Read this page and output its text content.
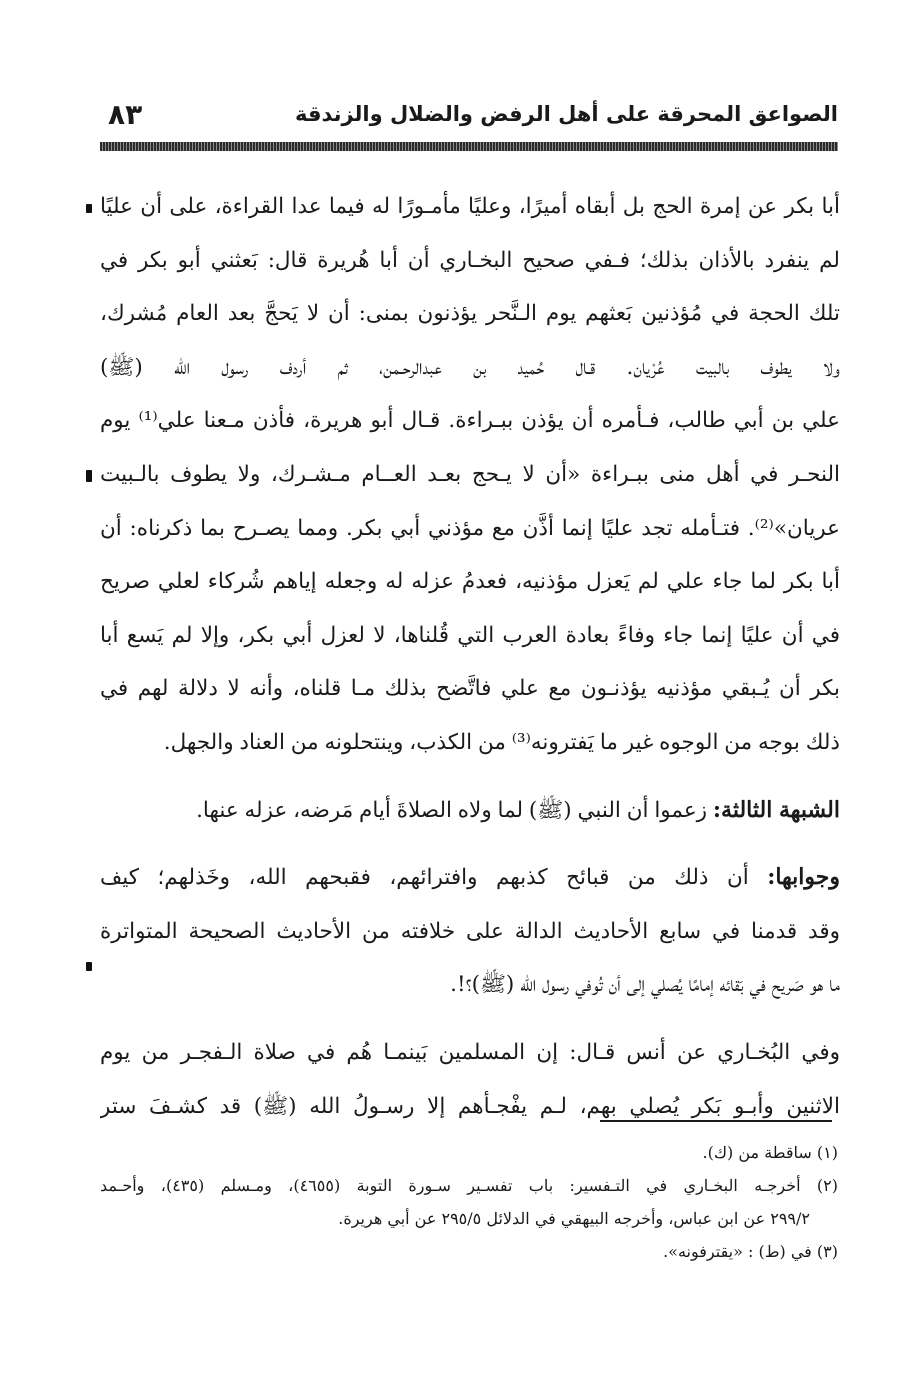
الصواعق المحرقة على أهل الرفض والضلال والزندقة
٨٣
أبا بكر عن إمرة الحج بل أبقاه أميرًا، وعليًا مأمـورًا له فيما عدا القراءة، على أن عليًا
لم ينفرد بالأذان بذلك؛ فـفي صحيح البخـاري أن أبا هُريرة قال: بَعثني أبو بكر في
تلك الحجة في مُؤذنين بَعثهم يوم الـنَّحر يؤذنون بمنى: أن لا يَحجَّ بعد العام مُشرك،
ولا يطوف بالبيت عُرْيان. قـال حُميد بن عبدالرحـمن، ثم أردف رسول الله (ﷺ)
علي بن أبي طالب، فـأمره أن يؤذن ببـراءة. قـال أبو هريرة، فأذن مـعنا علي⁽¹⁾ يوم
النحـر في أهل منى ببـراءة «أن لا يـحج بعـد العــام مـشـرك، ولا يطوف بالـبيت
عريان»⁽²⁾. فتـأمله تجد عليًا إنما أذَّن مع مؤذني أبي بكر. ومما يصـرح بما ذكرناه: أن
أبا بكر لما جاء علي لم يَعزل مؤذنيه، فعدمُ عزله له وجعله إياهم شُركاء لعلي صريح
في أن عليًا إنما جاء وفاءً بعادة العرب التي قُلناها، لا لعزل أبي بكر، وإلا لم يَسع أبا
بكر أن يُـبقي مؤذنيه يؤذنـون مع علي فاتَّضح بذلك مـا قلناه، وأنه لا دلالة لهم في
ذلك بوجه من الوجوه غير ما يَفترونه⁽³⁾ من الكذب، وينتحلونه من العناد والجهل.
الشبهة الثالثة: زعموا أن النبي (ﷺ) لما ولاه الصلاةَ أيام مَرضه، عزله عنها.
وجوابها: أن ذلك من قبائح كذبهم وافترائهم، فقبحهم الله، وخَذلهم؛ كيف
وقد قدمنا في سابع الأحاديث الدالة على خلافته من الأحاديث الصحيحة المتواترة
ما هو صَريح في بَقائه إمامًا يُصلي إلى أن تُوفي رسول الله (ﷺ)؟!.
وفي البُخـاري عن أنس قـال: إن المسلمين بَينمـا هُم في صلاة الـفجـر من يوم
الاثنين وأبـو بَكر يُصلي بهم، لـم يفْجـأهم إلا رسـولُ الله (ﷺ) قد كشـفَ ستر
(١) ساقطة من (ك).
(٢) أخرجـه البخـاري في التـفسير: باب تفسـير سـورة التوبة (٤٦٥٥)، ومـسلم (٤٣٥)، وأحـمد
٢٩٩/٢ عن ابن عباس، وأخرجه البيهقي في الدلائل ٢٩٥/٥ عن أبي هريرة.
(٣) في (ط) : «يقترفونه».
